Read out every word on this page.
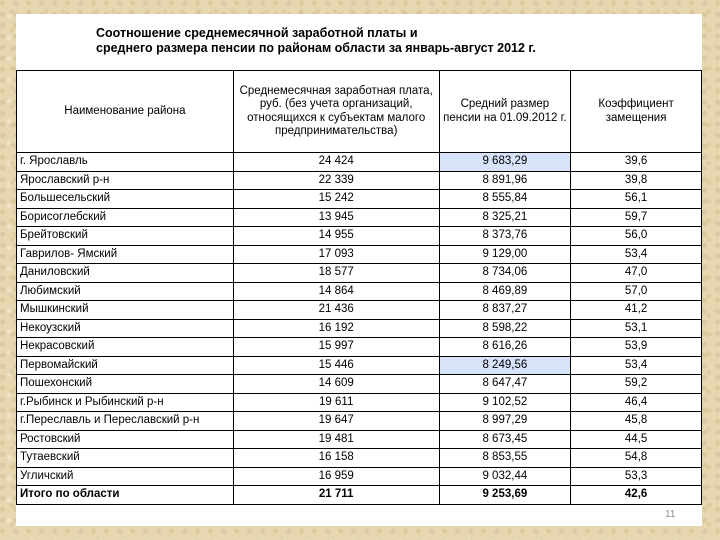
Соотношение среднемесячной заработной платы и
среднего размера пенсии по районам области за январь-август 2012 г.
Наименование района	Среднемесячная заработная плата, руб. (без учета организаций, относящихся к субъектам малого предпринимательства)	Средний размер пенсии на 01.09.2012 г.	Коэффициент замещения
г. Ярославль	24 424	9 683,29	39,6
Ярославский р-н	22 339	8 891,96	39,8
Большесельский	15 242	8 555,84	56,1
Борисоглебский	13 945	8 325,21	59,7
Брейтовский	14 955	8 373,76	56,0
Гаврилов- Ямский	17 093	9 129,00	53,4
Даниловский	18 577	8 734,06	47,0
Любимский	14 864	8 469,89	57,0
Мышкинский	21 436	8 837,27	41,2
Некоузский	16 192	8 598,22	53,1
Некрасовский	15 997	8 616,26	53,9
Первомайский	15 446	8 249,56	53,4
Пошехонский	14 609	8 647,47	59,2
г.Рыбинск и Рыбинский р-н	19 611	9 102,52	46,4
г.Переславль и Переславский р-н	19 647	8 997,29	45,8
Ростовский	19 481	8 673,45	44,5
Тутаевский	16 158	8 853,55	54,8
Угличский	16 959	9 032,44	53,3
Итого по области	21 711	9 253,69	42,6
11
